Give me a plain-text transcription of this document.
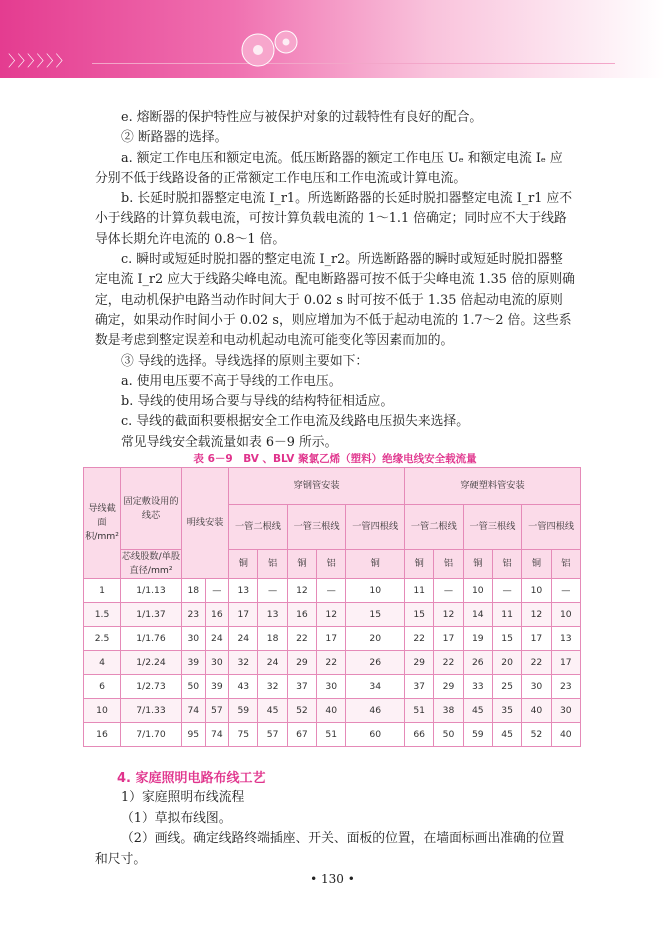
〉〉〉〉〉〉

e. 熔断器的保护特性应与被保护对象的过载特性有良好的配合。

② 断路器的选择。

a. 额定工作电压和额定电流。低压断路器的额定工作电压 Uₑ 和额定电流 Iₑ 应分别不低于线路设备的正常额定工作电压和工作电流或计算电流。

b. 长延时脱扣器整定电流 I_r1。所选断路器的长延时脱扣器整定电流 I_r1 应不小于线路的计算负载电流，可按计算负载电流的 1～1.1 倍确定；同时应不大于线路导体长期允许电流的 0.8～1 倍。

c. 瞬时或短延时脱扣器的整定电流 I_r2。所选断路器的瞬时或短延时脱扣器整定电流 I_r2 应大于线路尖峰电流。配电断路器可按不低于尖峰电流 1.35 倍的原则确定，电动机保护电路当动作时间大于 0.02 s 时可按不低于 1.35 倍起动电流的原则确定，如果动作时间小于 0.02 s，则应增加为不低于起动电流的 1.7～2 倍。这些系数是考虑到整定误差和电动机起动电流可能变化等因素而加的。

③ 导线的选择。导线选择的原则主要如下：

a. 使用电压要不高于导线的工作电压。

b. 导线的使用场合要与导线的结构特征相适应。

c. 导线的截面积要根据安全工作电流及线路电压损失来选择。

常见导线安全载流量如表 6－9 所示。

表 6－9　BV 、BLV 聚氯乙烯（塑料）绝缘电线安全载流量
导线截面积/mm²	固定敷设用的线芯	明线安装		穿钢管安装					穿硬塑料管安装					
				一管二根线		一管三根线		一管四根线	一管二根线		一管三根线		一管四根线	
	芯线股数/单股直径/mm²			铜	铝	铜	铝	铜	铜	铝	铜	铝	铜	铝
1	1/1.13	18	—	13	—	12	—	10	11	—	10	—	10	—
1.5	1/1.37	23	16	17	13	16	12	15	15	12	14	11	12	10
2.5	1/1.76	30	24	24	18	22	17	20	22	17	19	15	17	13
4	1/2.24	39	30	32	24	29	22	26	29	22	26	20	22	17
6	1/2.73	50	39	43	32	37	30	34	37	29	33	25	30	23
10	7/1.33	74	57	59	45	52	40	46	51	38	45	35	40	30
16	7/1.70	95	74	75	57	67	51	60	66	50	59	45	52	40
4. 家庭照明电路布线工艺

1）家庭照明布线流程

（1）草拟布线图。

（2）画线。确定线路终端插座、开关、面板的位置，在墙面标画出准确的位置和尺寸。

• 130 •
